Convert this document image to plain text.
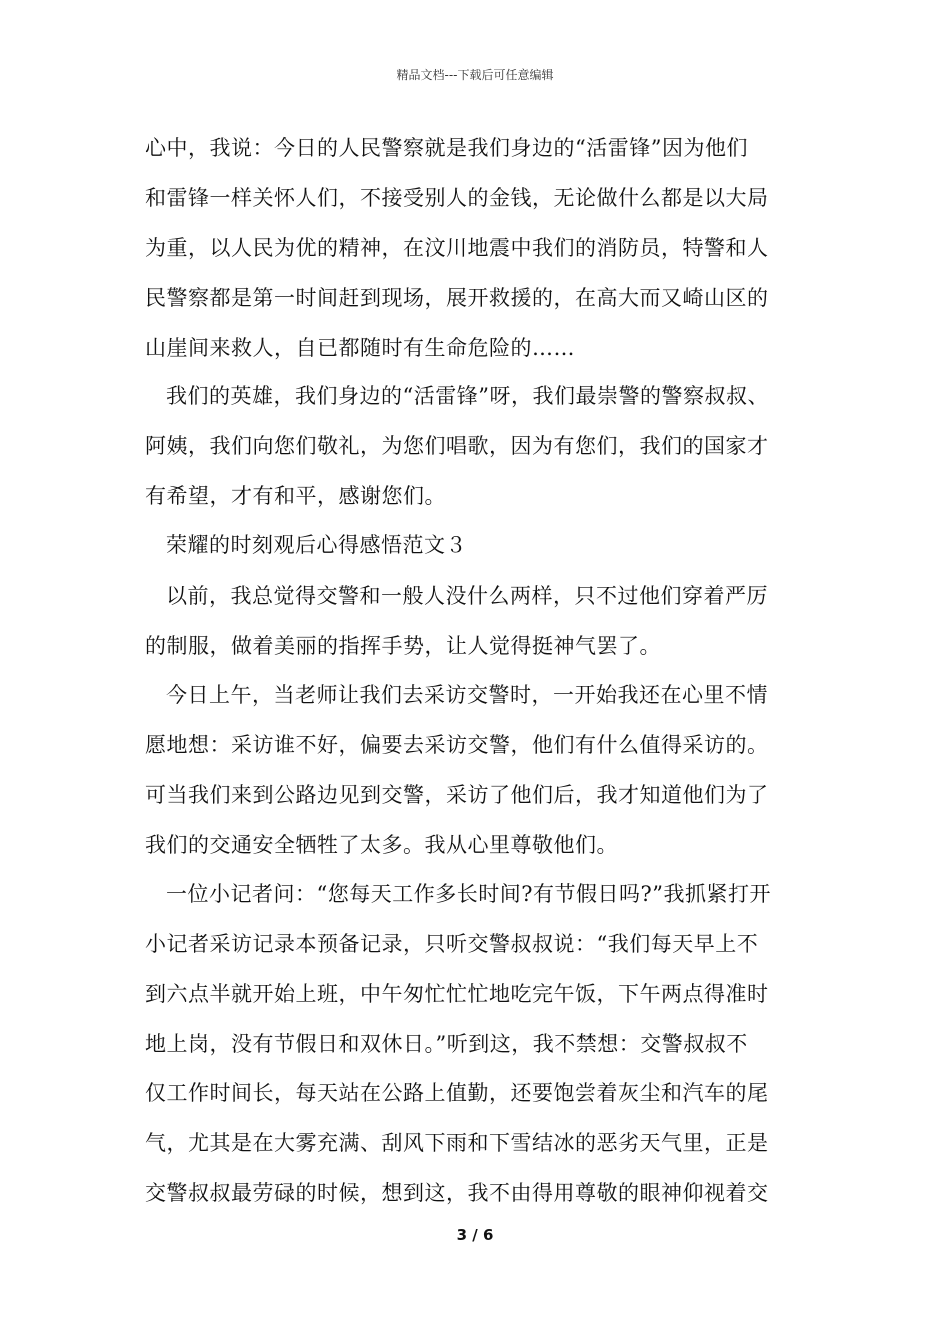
精品文档---下载后可任意编辑
心中，我说：今日的人民警察就是我们身边的“活雷锋”因为他们
和雷锋一样关怀人们，不接受别人的金钱，无论做什么都是以大局
为重，以人民为优的精神，在汶川地震中我们的消防员，特警和人
民警察都是第一时间赶到现场，展开救援的，在高大而又崎山区的
山崖间来救人，自已都随时有生命危险的……
我们的英雄，我们身边的“活雷锋”呀，我们最崇警的警察叔叔、
阿姨，我们向您们敬礼，为您们唱歌，因为有您们，我们的国家才
有希望，才有和平，感谢您们。
荣耀的时刻观后心得感悟范文３
以前，我总觉得交警和一般人没什么两样，只不过他们穿着严厉
的制服，做着美丽的指挥手势，让人觉得挺神气罢了。
今日上午，当老师让我们去采访交警时，一开始我还在心里不情
愿地想：采访谁不好，偏要去采访交警，他们有什么值得采访的。
可当我们来到公路边见到交警，采访了他们后，我才知道他们为了
我们的交通安全牺牲了太多。我从心里尊敬他们。
一位小记者问：“您每天工作多长时间?有节假日吗?”我抓紧打开
小记者采访记录本预备记录，只听交警叔叔说：“我们每天早上不
到六点半就开始上班，中午匆忙忙忙地吃完午饭，下午两点得准时
地上岗，没有节假日和双休日。”听到这，我不禁想：交警叔叔不
仅工作时间长，每天站在公路上值勤，还要饱尝着灰尘和汽车的尾
气，尤其是在大雾充满、刮风下雨和下雪结冰的恶劣天气里，正是
交警叔叔最劳碌的时候，想到这，我不由得用尊敬的眼神仰视着交
3 / 6
